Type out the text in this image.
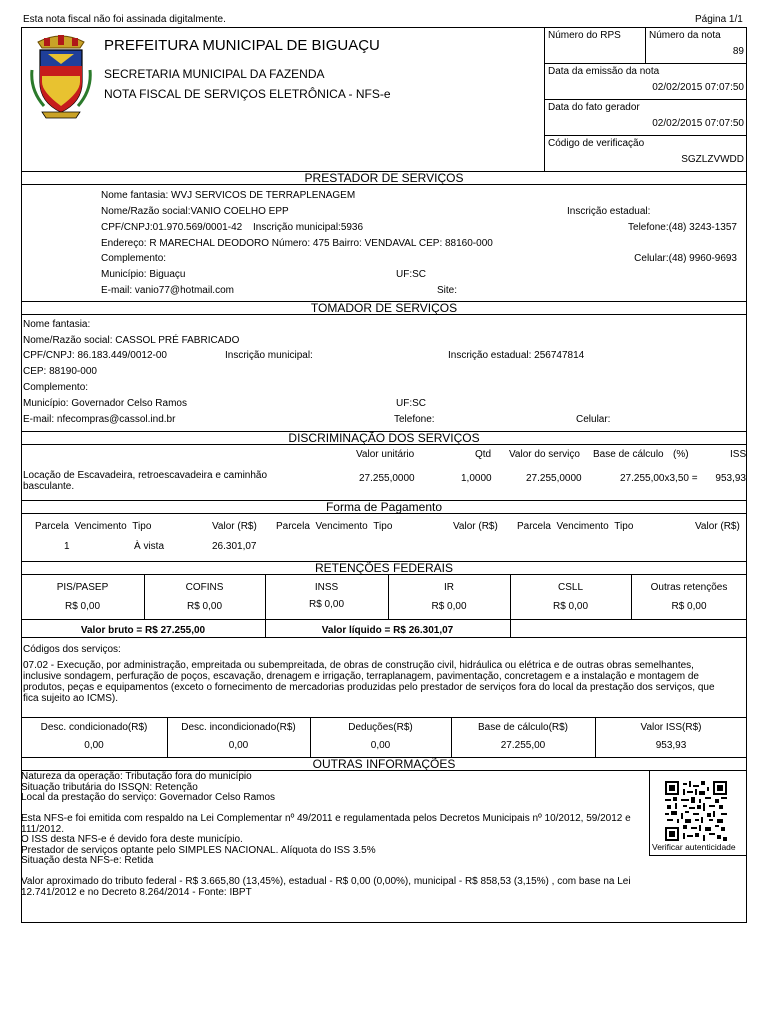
Esta nota fiscal não foi assinada digitalmente.	Página 1/1
PREFEITURA MUNICIPAL DE BIGUAÇU
SECRETARIA MUNICIPAL DA FAZENDA
NOTA FISCAL DE SERVIÇOS ELETRÔNICA - NFS-e
Número do RPS	Número da nota
89
Data da emissão da nota
02/02/2015 07:07:50
Data do fato gerador
02/02/2015 07:07:50
Código de verificação
SGZLZVWDD
PRESTADOR DE SERVIÇOS
Nome fantasia: WVJ SERVICOS DE TERRAPLENAGEM
Nome/Razão social:VANIO COELHO EPP	Inscrição estadual:
CPF/CNPJ:01.970.569/0001-42 Inscrição municipal:5936	Telefone:(48) 3243-1357
Endereço: R MARECHAL DEODORO Número: 475 Bairro: VENDAVAL CEP: 88160-000
Complemento:	Celular:(48) 9960-9693
Município: Biguaçu	UF:SC
E-mail: vanio77@hotmail.com	Site:
TOMADOR DE SERVIÇOS
Nome fantasia:
Nome/Razão social: CASSOL PRÉ FABRICADO
CPF/CNPJ: 86.183.449/0012-00	Inscrição municipal:	Inscrição estadual: 256747814
CEP: 88190-000
Complemento:
Município: Governador Celso Ramos	UF:SC
E-mail: nfecompras@cassol.ind.br	Telefone:	Celular:
DISCRIMINAÇÃO DOS SERVIÇOS
Valor unitário	Qtd Valor do serviço Base de cálculo (%)	ISS
Locação de Escavadeira, retroescavadeira e caminhão basculante.
27.255,0000	1,0000	27.255,0000	27.255,00x3,50 = 953,93
Forma de Pagamento
Parcela Vencimento Tipo	Valor (R$) Parcela Vencimento Tipo	Valor (R$) Parcela Vencimento Tipo	Valor (R$)
1	À vista	26.301,07
RETENÇÕES FEDERAIS
PIS/PASEP
R$ 0,00
COFINS
R$ 0,00
INSS
R$ 0,00
IR
R$ 0,00
CSLL
R$ 0,00
Outras retenções
R$ 0,00
Valor bruto = R$ 27.255,00	Valor líquido = R$ 26.301,07
Códigos dos serviços:
07.02 - Execução, por administração, empreitada ou subempreitada, de obras de construção civil, hidráulica ou elétrica e de outras obras semelhantes, inclusive sondagem, perfuração de poços, escavação, drenagem e irrigação, terraplanagem, pavimentação, concretagem e a instalação e montagem de produtos, peças e equipamentos (exceto o fornecimento de mercadorias produzidas pelo prestador de serviços fora do local da prestação dos serviços, que fica sujeito ao ICMS).
Desc. condicionado(R$)
0,00
Desc. incondicionado(R$)
0,00
Deduções(R$)
0,00
Base de cálculo(R$)
27.255,00
Valor ISS(R$)
953,93
OUTRAS INFORMAÇÕES
Natureza da operação: Tributação fora do município
Situação tributária do ISSQN: Retenção
Local da prestação do serviço: Governador Celso Ramos
Esta NFS-e foi emitida com respaldo na Lei Complementar nº 49/2011 e regulamentada pelos Decretos Municipais nº 10/2012, 59/2012 e 111/2012.
O ISS desta NFS-e é devido fora deste município.
Prestador de serviços optante pelo SIMPLES NACIONAL. Alíquota do ISS 3.5%
Situação desta NFS-e: Retida
Valor aproximado do tributo federal - R$ 3.665,80 (13,45%), estadual - R$ 0,00 (0,00%), municipal - R$ 858,53 (3,15%) , com base na Lei 12.741/2012 e no Decreto 8.264/2014 - Fonte: IBPT
Verificar autenticidade
